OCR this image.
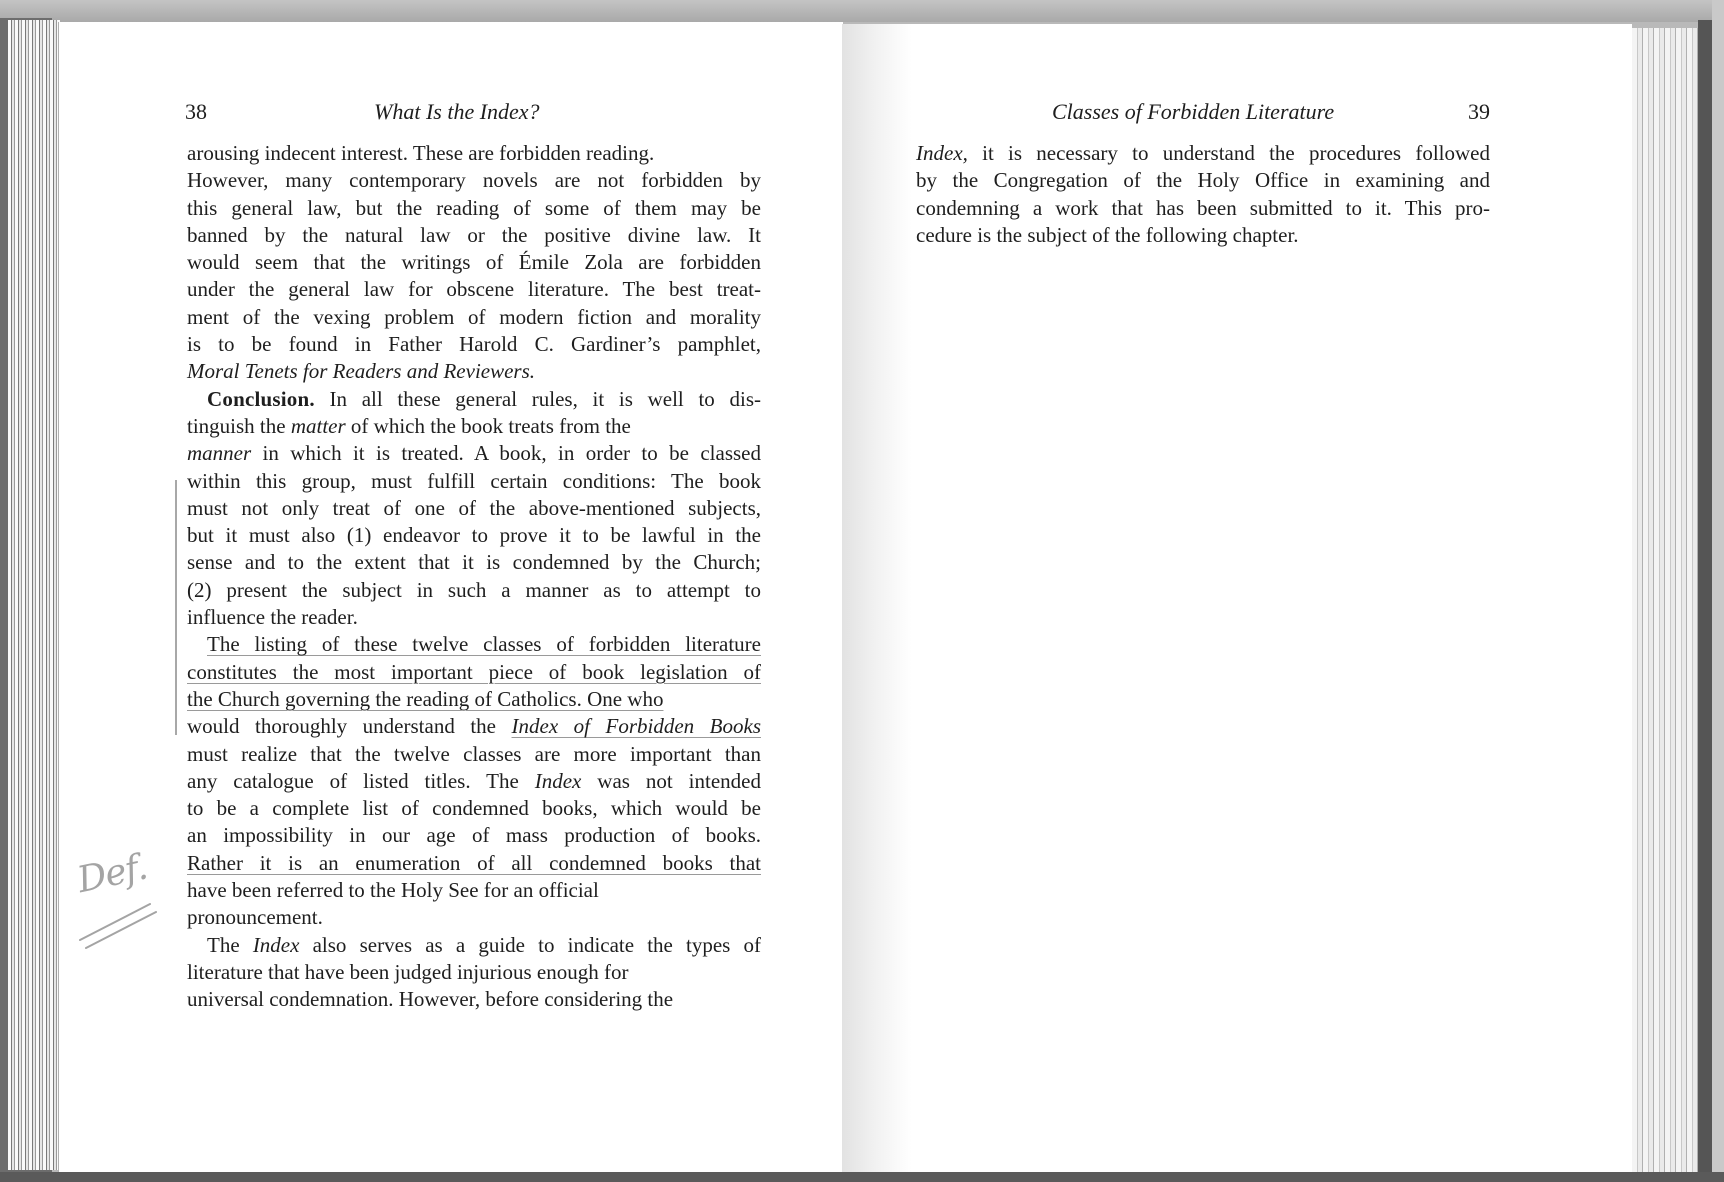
38	What Is the Index?
arousing indecent interest. These are forbidden reading.
However, many contemporary novels are not forbidden by
this general law, but the reading of some of them may be
banned by the natural law or the positive divine law. It
would seem that the writings of Émile Zola are forbidden
under the general law for obscene literature. The best treat-
ment of the vexing problem of modern fiction and morality
is to be found in Father Harold C. Gardiner’s pamphlet,
Moral Tenets for Readers and Reviewers.
Conclusion. In all these general rules, it is well to dis-
tinguish the matter of which the book treats from the
manner in which it is treated. A book, in order to be classed
within this group, must fulfill certain conditions: The book
must not only treat of one of the above-mentioned subjects,
but it must also (1) endeavor to prove it to be lawful in the
sense and to the extent that it is condemned by the Church;
(2) present the subject in such a manner as to attempt to
influence the reader.
The listing of these twelve classes of forbidden literature
constitutes the most important piece of book legislation of
the Church governing the reading of Catholics. One who
would thoroughly understand the Index of Forbidden Books
must realize that the twelve classes are more important than
any catalogue of listed titles. The Index was not intended
to be a complete list of condemned books, which would be
an impossibility in our age of mass production of books.
Rather it is an enumeration of all condemned books that
have been referred to the Holy See for an official
pronouncement.
The Index also serves as a guide to indicate the types of
literature that have been judged injurious enough for
universal condemnation. However, before considering the
Def.
Classes of Forbidden Literature	39
Index, it is necessary to understand the procedures followed
by the Congregation of the Holy Office in examining and
condemning a work that has been submitted to it. This pro-
cedure is the subject of the following chapter.
